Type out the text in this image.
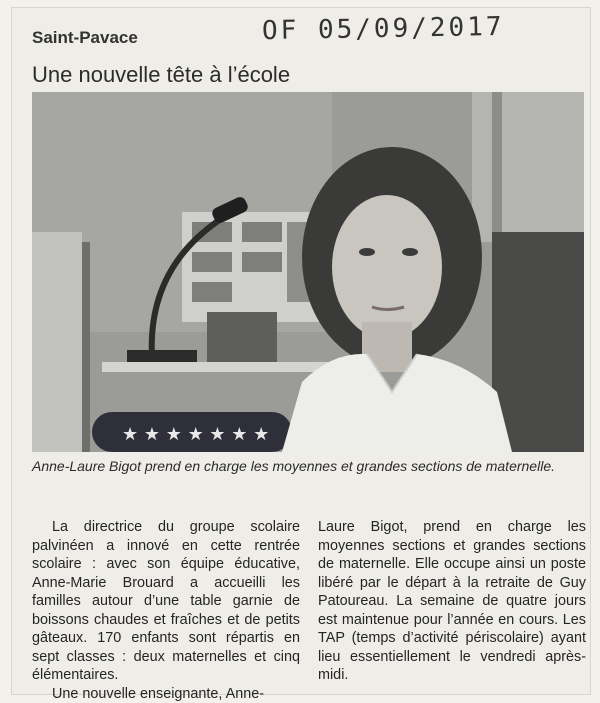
OF 05/09/2017
Saint-Pavace
Une nouvelle tête à l’école
★ ★ ★ ★ ★ ★ ★
Anne-Laure Bigot prend en charge les moyennes et grandes sections de maternelle.

La directrice du groupe scolaire palvinéen a innové en cette rentrée scolaire : avec son équipe éducative, Anne-Marie Brouard a accueilli les familles autour d’une table garnie de boissons chaudes et fraîches et de petits gâteaux. 170 enfants sont répartis en sept classes : deux maternelles et cinq élémentaires.

Une nouvelle enseignante, Anne-

Laure Bigot, prend en charge les moyennes sections et grandes sections de maternelle. Elle occupe ainsi un poste libéré par le départ à la retraite de Guy Patoureau. La semaine de quatre jours est maintenue pour l’année en cours. Les TAP (temps d’activité périscolaire) ayant lieu essentiellement le vendredi après-midi.
